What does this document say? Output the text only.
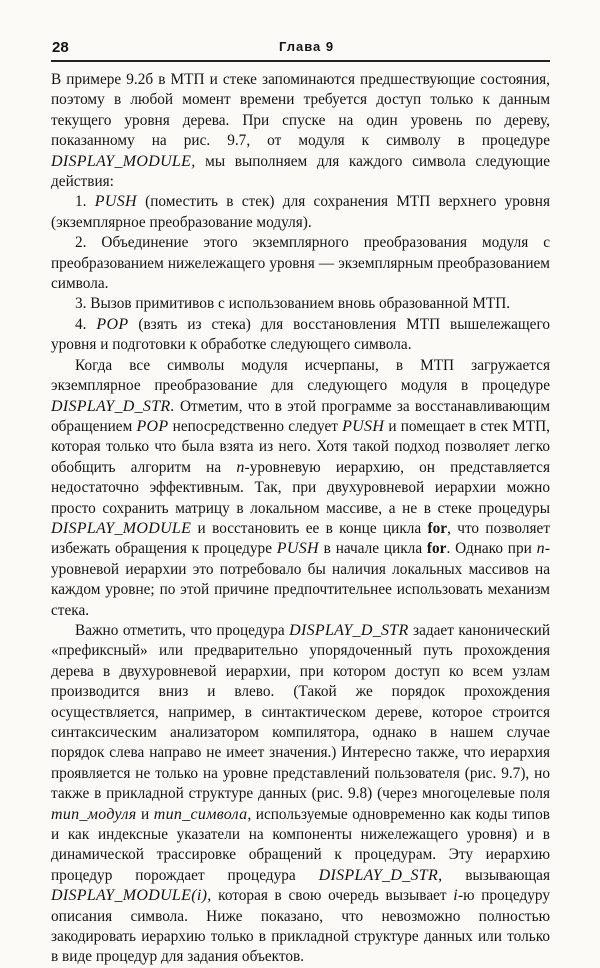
28	Глава 9

В примере 9.2б в МТП и стеке запоминаются предшествующие состояния, поэтому в любой момент времени требуется доступ только к данным текущего уровня дерева. При спуске на один уровень по дереву, показанному на рис. 9.7, от модуля к символу в процедуре DISPLAY_MODULE, мы выполняем для каждого символа следующие действия:

1. PUSH (поместить в стек) для сохранения МТП верхнего уровня (экземплярное преобразование модуля).

2. Объединение этого экземплярного преобразования модуля с преобразованием нижележащего уровня — экземплярным преобразованием символа.

3. Вызов примитивов с использованием вновь образованной МТП.

4. POP (взять из стека) для восстановления МТП вышележащего уровня и подготовки к обработке следующего символа.

Когда все символы модуля исчерпаны, в МТП загружается экземплярное преобразование для следующего модуля в процедуре DISPLAY_D_STR. Отметим, что в этой программе за восстанавливающим обращением POP непосредственно следует PUSH и помещает в стек МТП, которая только что была взята из него. Хотя такой подход позволяет легко обобщить алгоритм на n-уровневую иерархию, он представляется недостаточно эффективным. Так, при двухуровневой иерархии можно просто сохранить матрицу в локальном массиве, а не в стеке процедуры DISPLAY_MODULE и восстановить ее в конце цикла for, что позволяет избежать обращения к процедуре PUSH в начале цикла for. Однако при n-уровневой иерархии это потребовало бы наличия локальных массивов на каждом уровне; по этой причине предпочтительнее использовать механизм стека.

Важно отметить, что процедура DISPLAY_D_STR задает канонический «префиксный» или предварительно упорядоченный путь прохождения дерева в двухуровневой иерархии, при котором доступ ко всем узлам производится вниз и влево. (Такой же порядок прохождения осуществляется, например, в синтактическом дереве, которое строится синтаксическим анализатором компилятора, однако в нашем случае порядок слева направо не имеет значения.) Интересно также, что иерархия проявляется не только на уровне представлений пользователя (рис. 9.7), но также в прикладной структуре данных (рис. 9.8) (через многоцелевые поля тип_модуля и тип_символа, используемые одновременно как коды типов и как индексные указатели на компоненты нижележащего уровня) и в динамической трассировке обращений к процедурам. Эту иерархию процедур порождает процедура DISPLAY_D_STR, вызывающая DISPLAY_MODULE(i), которая в свою очередь вызывает i-ю процедуру описания символа. Ниже показано, что невозможно полностью закодировать иерархию только в прикладной структуре данных или только в виде процедур для задания объектов.
